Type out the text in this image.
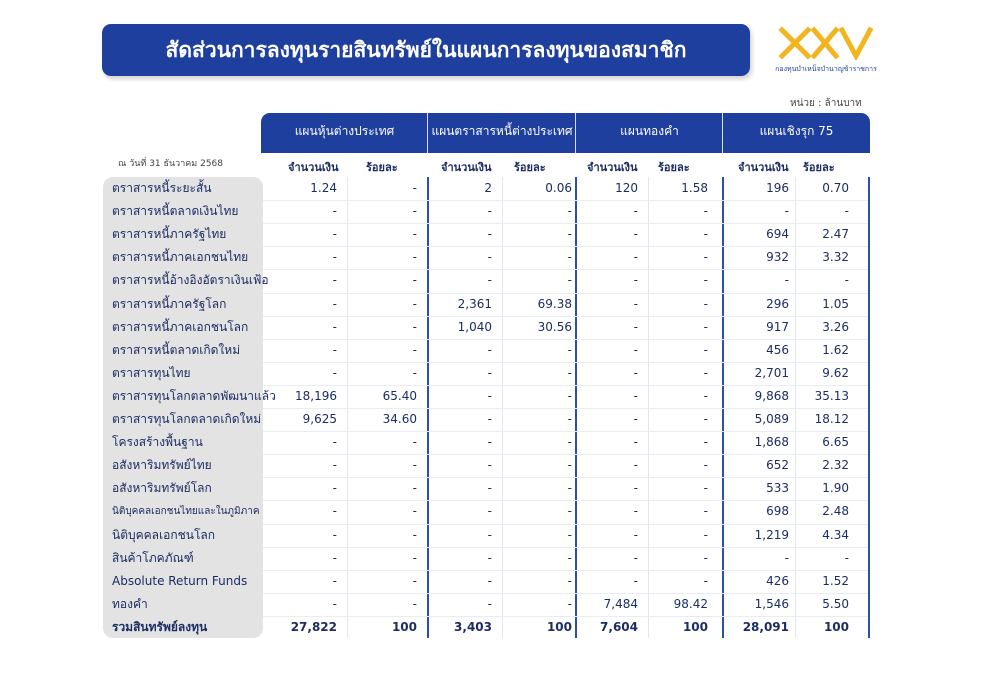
สัดส่วนการลงทุนรายสินทรัพย์ในแผนการลงทุนของสมาชิก
กองทุนบำเหน็จบำนาญข้าราชการ
หน่วย : ล้านบาท
ณ วันที่ 31 ธันวาคม 2568
แผนหุ้นต่างประเทศ	แผนตราสารหนี้ต่างประเทศ	แผนทองคำ	แผนเชิงรุก 75
จำนวนเงิน	ร้อยละ	จำนวนเงิน ร้อยละ	จำนวนเงิน ร้อยละ	จำนวนเงิน ร้อยละ
ตราสารหนี้ระยะสั้น	1.24	-	2	0.06	120	1.58	196	0.70
ตราสารหนี้ตลาดเงินไทย	-	-	-	-	-	-	-	-
ตราสารหนี้ภาครัฐไทย	-	-	-	-	-	-	694	2.47
ตราสารหนี้ภาคเอกชนไทย	-	-	-	-	-	-	932	3.32
ตราสารหนี้อ้างอิงอัตราเงินเฟ้อ	-	-	-	-	-	-	-	-
ตราสารหนี้ภาครัฐโลก	-	-	2,361	69.38	-	-	296	1.05
ตราสารหนี้ภาคเอกชนโลก	-	-	1,040	30.56	-	-	917	3.26
ตราสารหนี้ตลาดเกิดใหม่	-	-	-	-	-	-	456	1.62
ตราสารทุนไทย	-	-	-	-	-	-	2,701	9.62
ตราสารทุนโลกตลาดพัฒนาแล้ว	18,196	65.40	-	-	-	-	9,868	35.13
ตราสารทุนโลกตลาดเกิดใหม่	9,625	34.60	-	-	-	-	5,089	18.12
โครงสร้างพื้นฐาน	-	-	-	-	-	-	1,868	6.65
อสังหาริมทรัพย์ไทย	-	-	-	-	-	-	652	2.32
อสังหาริมทรัพย์โลก	-	-	-	-	-	-	533	1.90
นิติบุคคลเอกชนไทยและในภูมิภาค	-	-	-	-	-	-	698	2.48
นิติบุคคลเอกชนโลก	-	-	-	-	-	-	1,219	4.34
สินค้าโภคภัณฑ์	-	-	-	-	-	-	-	-
Absolute Return Funds	-	-	-	-	-	-	426	1.52
ทองคำ	-	-	-	-	7,484	98.42	1,546	5.50
รวมสินทรัพย์ลงทุน	27,822	100	3,403	100	7,604	100	28,091	100
